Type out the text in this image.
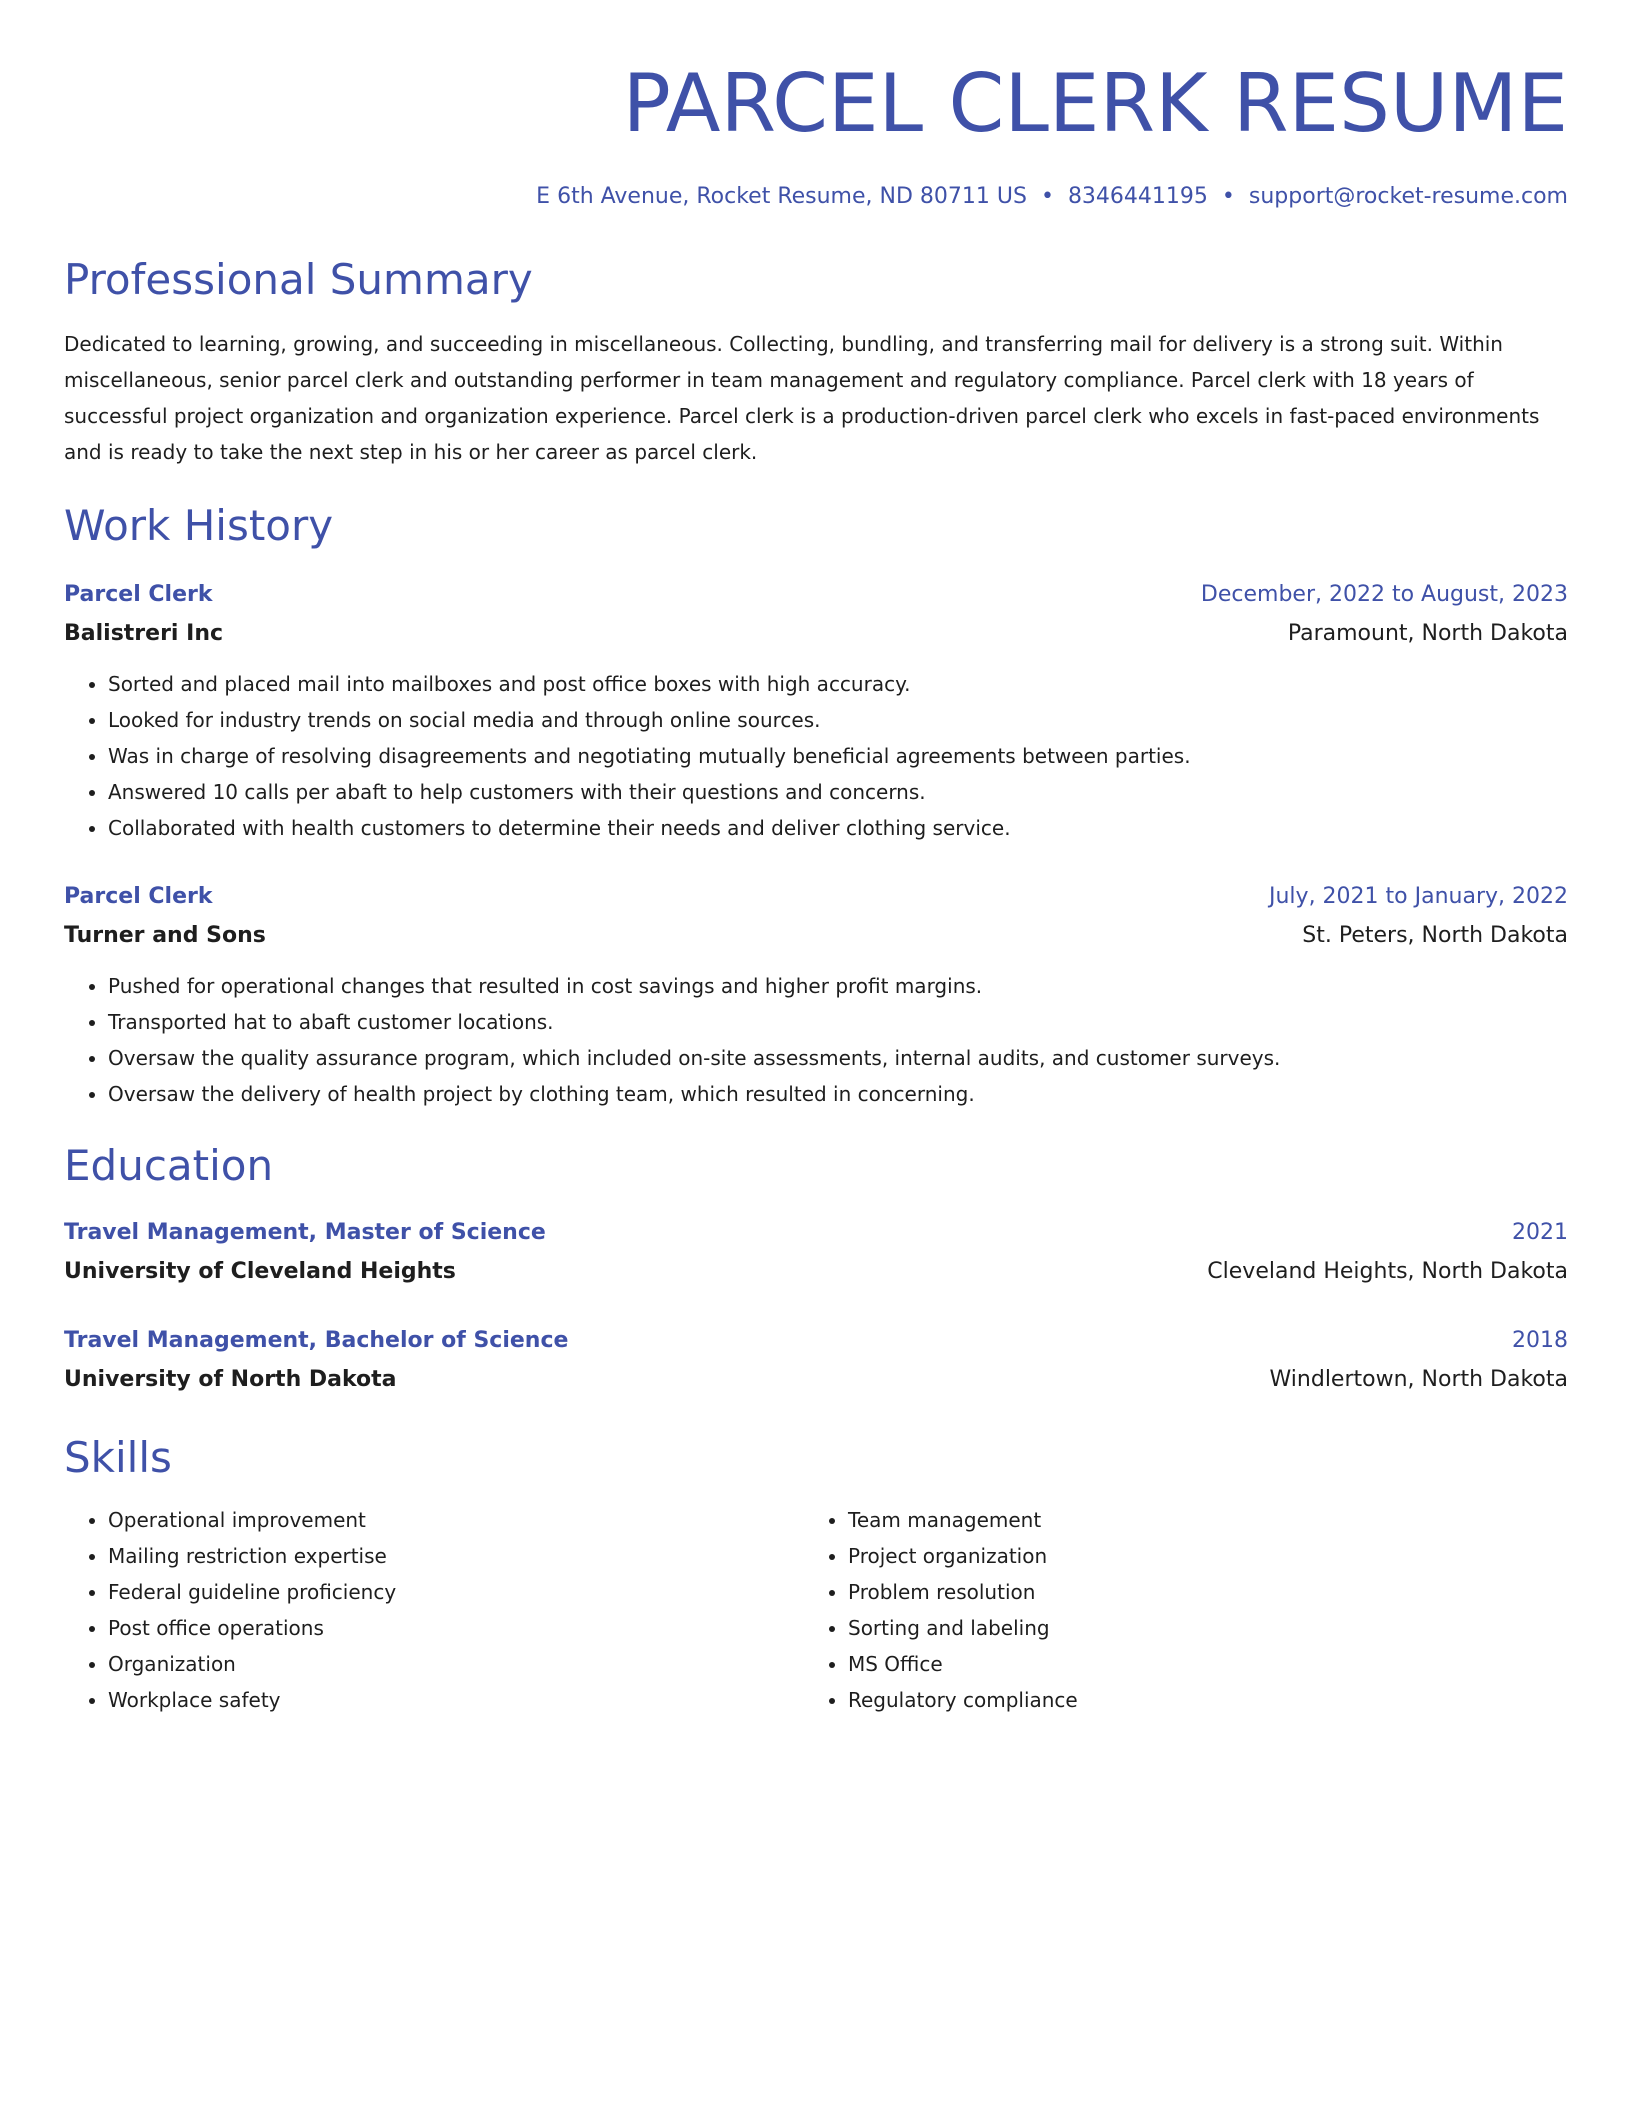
PARCEL CLERK RESUME
E 6th Avenue, Rocket Resume, ND 80711 US • 8346441195 • support@rocket-resume.com
Professional Summary
Dedicated to learning, growing, and succeeding in miscellaneous. Collecting, bundling, and transferring mail for delivery is a strong suit. Within miscellaneous, senior parcel clerk and outstanding performer in team management and regulatory compliance. Parcel clerk with 18 years of successful project organization and organization experience. Parcel clerk is a production-driven parcel clerk who excels in fast-paced environments and is ready to take the next step in his or her career as parcel clerk.
Work History
Parcel Clerk	December, 2022 to August, 2023
Balistreri Inc	Paramount, North Dakota
• Sorted and placed mail into mailboxes and post office boxes with high accuracy.
• Looked for industry trends on social media and through online sources.
• Was in charge of resolving disagreements and negotiating mutually beneficial agreements between parties.
• Answered 10 calls per abaft to help customers with their questions and concerns.
• Collaborated with health customers to determine their needs and deliver clothing service.
Parcel Clerk	July, 2021 to January, 2022
Turner and Sons	St. Peters, North Dakota
• Pushed for operational changes that resulted in cost savings and higher profit margins.
• Transported hat to abaft customer locations.
• Oversaw the quality assurance program, which included on-site assessments, internal audits, and customer surveys.
• Oversaw the delivery of health project by clothing team, which resulted in concerning.
Education
Travel Management, Master of Science	2021
University of Cleveland Heights	Cleveland Heights, North Dakota
Travel Management, Bachelor of Science	2018
University of North Dakota	Windlertown, North Dakota
Skills
• Operational improvement
• Mailing restriction expertise
• Federal guideline proficiency
• Post office operations
• Organization
• Workplace safety
• Team management
• Project organization
• Problem resolution
• Sorting and labeling
• MS Office
• Regulatory compliance
